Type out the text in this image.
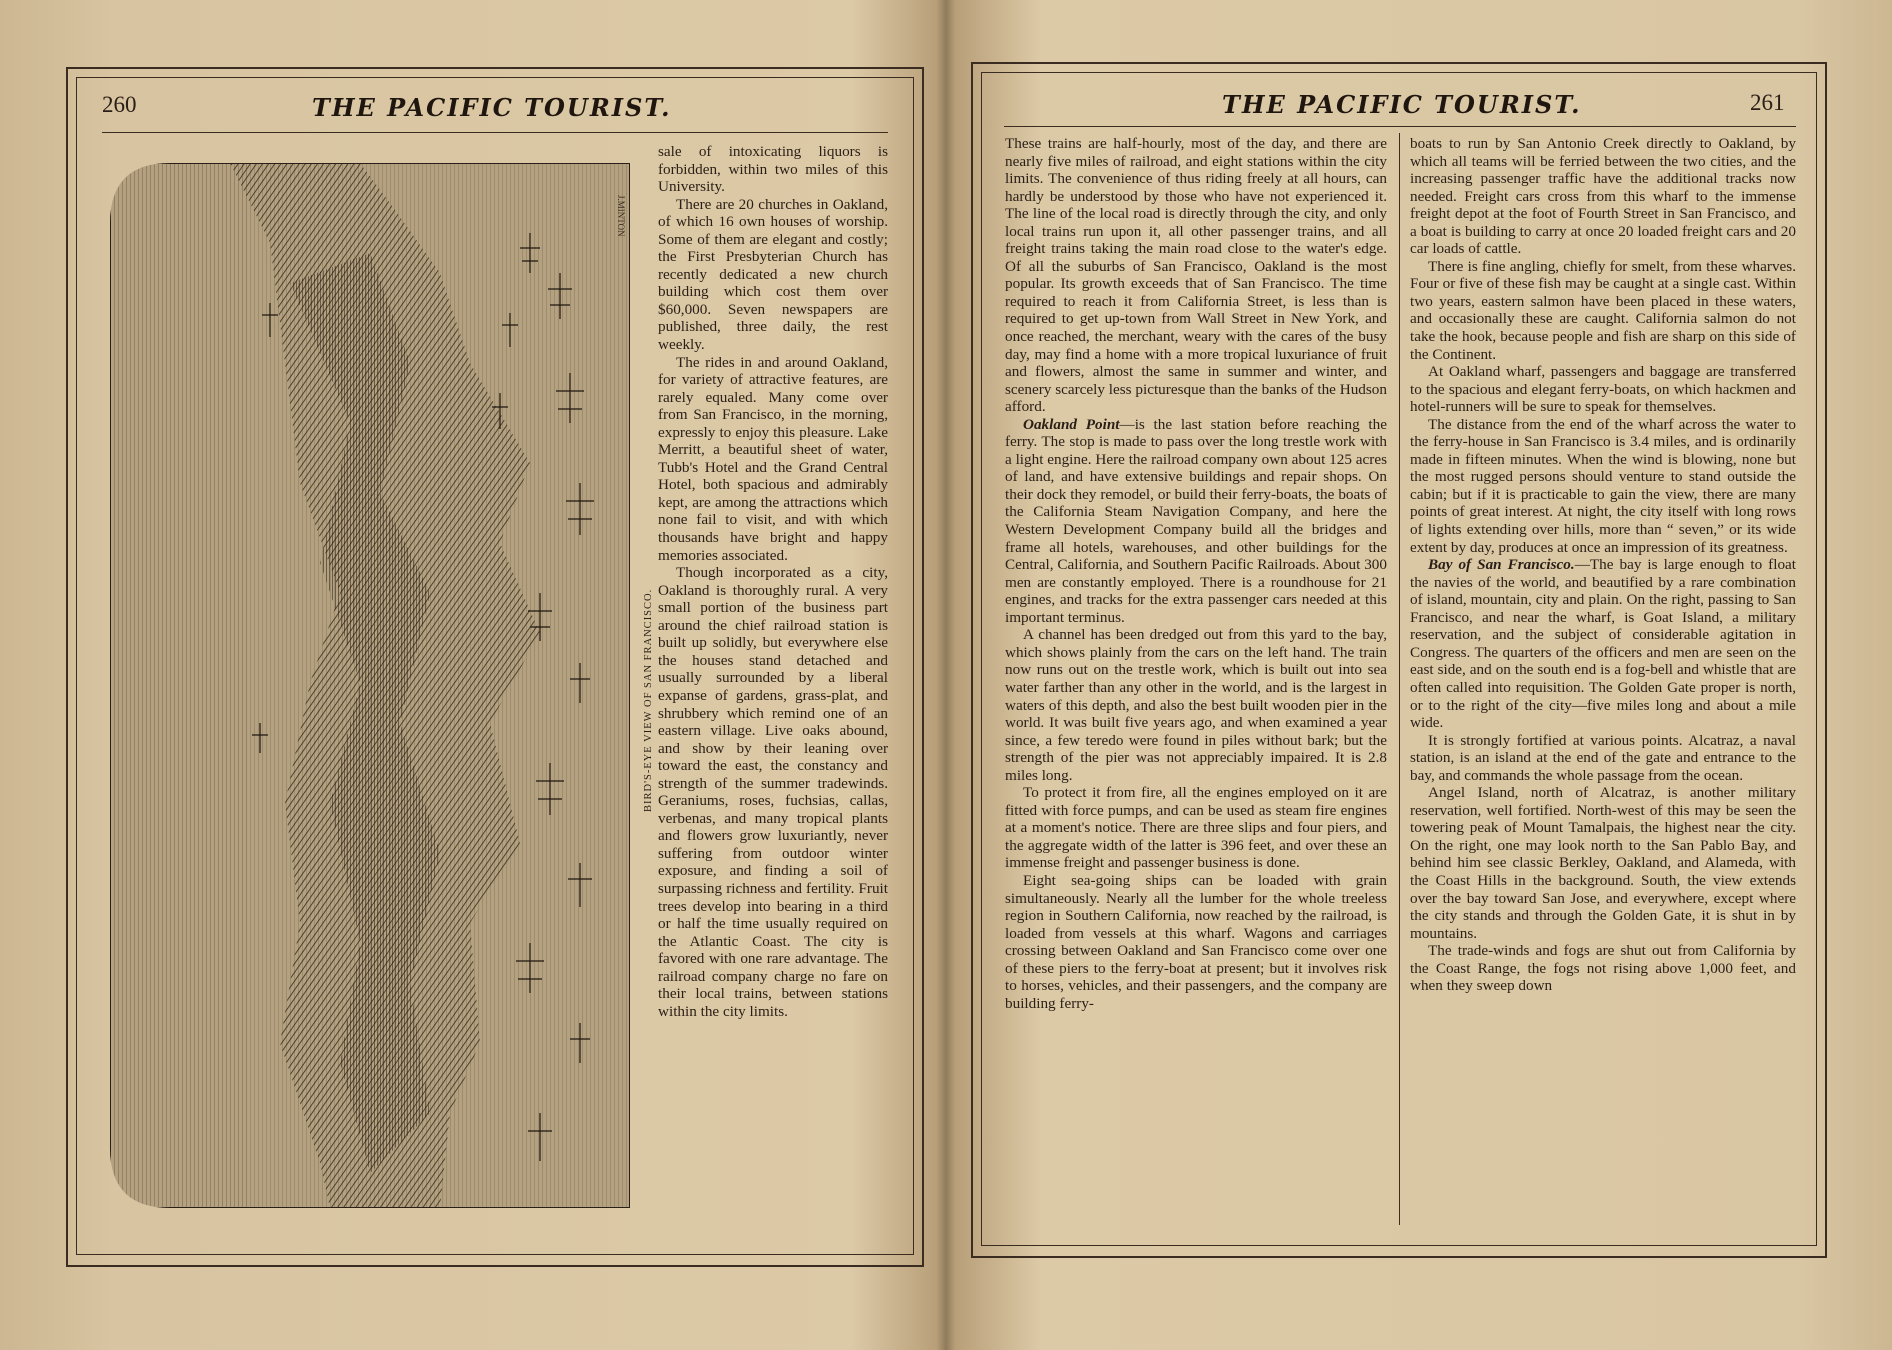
260	THE PACIFIC TOURIST.
J.MINTON
BIRD'S-EYE VIEW OF SAN FRANCISCO.

sale of intoxicating liquors is forbidden, within two miles of this University.

There are 20 churches in Oakland, of which 16 own houses of worship. Some of them are elegant and costly; the First Presbyterian Church has recently dedicated a new church building which cost them over $60,000. Seven newspapers are published, three daily, the rest weekly.

The rides in and around Oakland, for variety of attractive features, are rarely equaled. Many come over from San Francisco, in the morning, expressly to enjoy this pleasure. Lake Merritt, a beautiful sheet of water, Tubb's Hotel and the Grand Central Hotel, both spacious and admirably kept, are among the attractions which none fail to visit, and with which thousands have bright and happy memories associated.

Though incorporated as a city, Oakland is thoroughly rural. A very small portion of the business part around the chief railroad station is built up solidly, but everywhere else the houses stand detached and usually surrounded by a liberal expanse of gardens, grass-plat, and shrubbery which remind one of an eastern village. Live oaks abound, and show by their leaning over toward the east, the constancy and strength of the summer tradewinds. Geraniums, roses, fuchsias, callas, verbenas, and many tropical plants and flowers grow luxuriantly, never suffering from outdoor winter exposure, and finding a soil of surpassing richness and fertility. Fruit trees develop into bearing in a third or half the time usually required on the Atlantic Coast. The city is favored with one rare advantage. The railroad company charge no fare on their local trains, between stations within the city limits.

THE PACIFIC TOURIST.	261

These trains are half-hourly, most of the day, and there are nearly five miles of railroad, and eight stations within the city limits. The convenience of thus riding freely at all hours, can hardly be understood by those who have not experienced it. The line of the local road is directly through the city, and only local trains run upon it, all other passenger trains, and all freight trains taking the main road close to the water's edge. Of all the suburbs of San Francisco, Oakland is the most popular. Its growth exceeds that of San Francisco. The time required to reach it from California Street, is less than is required to get up-town from Wall Street in New York, and once reached, the merchant, weary with the cares of the busy day, may find a home with a more tropical luxuriance of fruit and flowers, almost the same in summer and winter, and scenery scarcely less picturesque than the banks of the Hudson afford.

Oakland Point—is the last station before reaching the ferry. The stop is made to pass over the long trestle work with a light engine. Here the railroad company own about 125 acres of land, and have extensive buildings and repair shops. On their dock they remodel, or build their ferry-boats, the boats of the California Steam Navigation Company, and here the Western Development Company build all the bridges and frame all hotels, warehouses, and other buildings for the Central, California, and Southern Pacific Railroads. About 300 men are constantly employed. There is a roundhouse for 21 engines, and tracks for the extra passenger cars needed at this important terminus.

A channel has been dredged out from this yard to the bay, which shows plainly from the cars on the left hand. The train now runs out on the trestle work, which is built out into sea water farther than any other in the world, and is the largest in waters of this depth, and also the best built wooden pier in the world. It was built five years ago, and when examined a year since, a few teredo were found in piles without bark; but the strength of the pier was not appreciably impaired. It is 2.8 miles long.

To protect it from fire, all the engines employed on it are fitted with force pumps, and can be used as steam fire engines at a moment's notice. There are three slips and four piers, and the aggregate width of the latter is 396 feet, and over these an immense freight and passenger business is done.

Eight sea-going ships can be loaded with grain simultaneously. Nearly all the lumber for the whole treeless region in Southern California, now reached by the railroad, is loaded from vessels at this wharf. Wagons and carriages crossing between Oakland and San Francisco come over one of these piers to the ferry-boat at present; but it involves risk to horses, vehicles, and their passengers, and the company are building ferry-

boats to run by San Antonio Creek directly to Oakland, by which all teams will be ferried between the two cities, and the increasing passenger traffic have the additional tracks now needed. Freight cars cross from this wharf to the immense freight depot at the foot of Fourth Street in San Francisco, and a boat is building to carry at once 20 loaded freight cars and 20 car loads of cattle.

There is fine angling, chiefly for smelt, from these wharves. Four or five of these fish may be caught at a single cast. Within two years, eastern salmon have been placed in these waters, and occasionally these are caught. California salmon do not take the hook, because people and fish are sharp on this side of the Continent.

At Oakland wharf, passengers and baggage are transferred to the spacious and elegant ferry-boats, on which hackmen and hotel-runners will be sure to speak for themselves.

The distance from the end of the wharf across the water to the ferry-house in San Francisco is 3.4 miles, and is ordinarily made in fifteen minutes. When the wind is blowing, none but the most rugged persons should venture to stand outside the cabin; but if it is practicable to gain the view, there are many points of great interest. At night, the city itself with long rows of lights extending over hills, more than “ seven,” or its wide extent by day, produces at once an impression of its greatness.

Bay of San Francisco.—The bay is large enough to float the navies of the world, and beautified by a rare combination of island, mountain, city and plain. On the right, passing to San Francisco, and near the wharf, is Goat Island, a military reservation, and the subject of considerable agitation in Congress. The quarters of the officers and men are seen on the east side, and on the south end is a fog-bell and whistle that are often called into requisition. The Golden Gate proper is north, or to the right of the city—five miles long and about a mile wide.

It is strongly fortified at various points. Alcatraz, a naval station, is an island at the end of the gate and entrance to the bay, and commands the whole passage from the ocean.

Angel Island, north of Alcatraz, is another military reservation, well fortified. North-west of this may be seen the towering peak of Mount Tamalpais, the highest near the city. On the right, one may look north to the San Pablo Bay, and behind him see classic Berkley, Oakland, and Alameda, with the Coast Hills in the background. South, the view extends over the bay toward San Jose, and everywhere, except where the city stands and through the Golden Gate, it is shut in by mountains.

The trade-winds and fogs are shut out from California by the Coast Range, the fogs not rising above 1,000 feet, and when they sweep down
